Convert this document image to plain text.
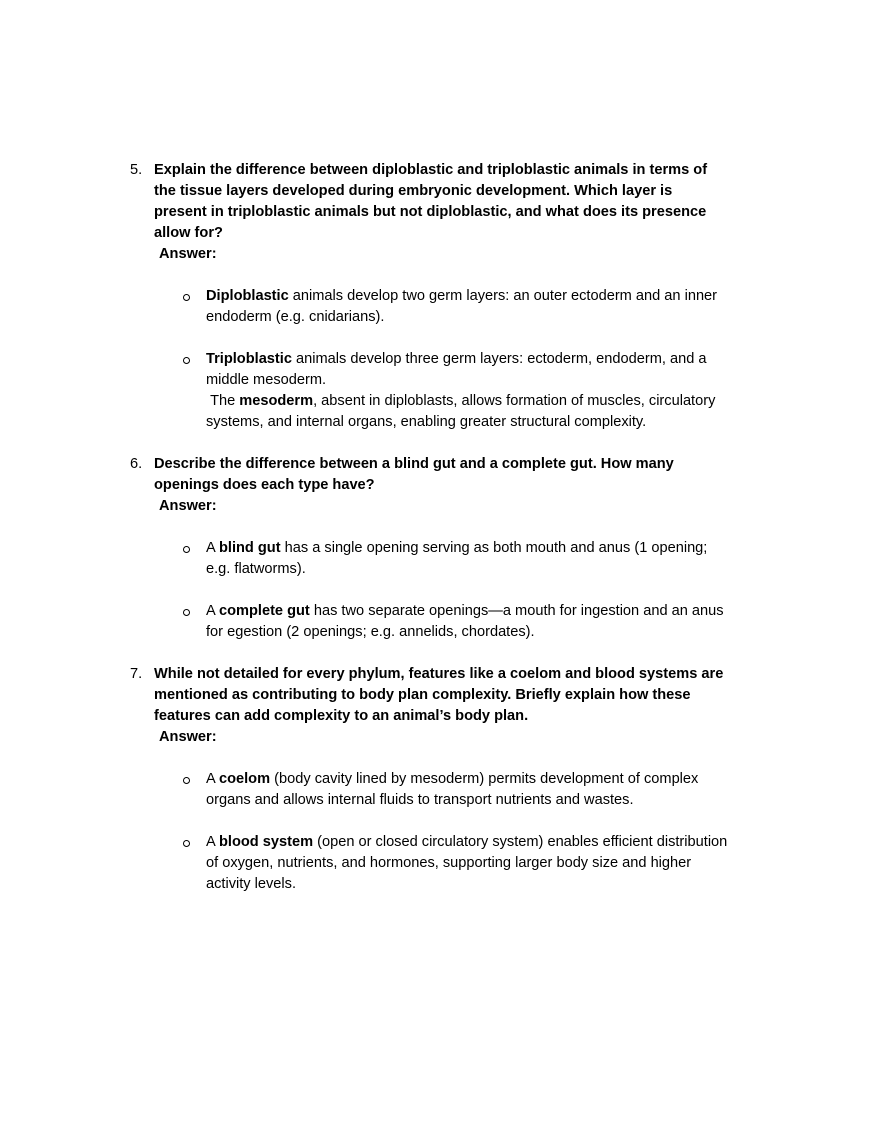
5. Explain the difference between diploblastic and triploblastic animals in terms of
the tissue layers developed during embryonic development. Which layer is
present in triploblastic animals but not diploblastic, and what does its presence
allow for?
Answer:
Diploblastic animals develop two germ layers: an outer ectoderm and an inner
endoderm (e.g. cnidarians).
Triploblastic animals develop three germ layers: ectoderm, endoderm, and a
middle mesoderm.
The mesoderm, absent in diploblasts, allows formation of muscles, circulatory
systems, and internal organs, enabling greater structural complexity.
6. Describe the difference between a blind gut and a complete gut. How many
openings does each type have?
Answer:
A blind gut has a single opening serving as both mouth and anus (1 opening;
e.g. flatworms).
A complete gut has two separate openings—a mouth for ingestion and an anus
for egestion (2 openings; e.g. annelids, chordates).
7. While not detailed for every phylum, features like a coelom and blood systems are
mentioned as contributing to body plan complexity. Briefly explain how these
features can add complexity to an animal’s body plan.
Answer:
A coelom (body cavity lined by mesoderm) permits development of complex
organs and allows internal fluids to transport nutrients and wastes.
A blood system (open or closed circulatory system) enables efficient distribution
of oxygen, nutrients, and hormones, supporting larger body size and higher
activity levels.
